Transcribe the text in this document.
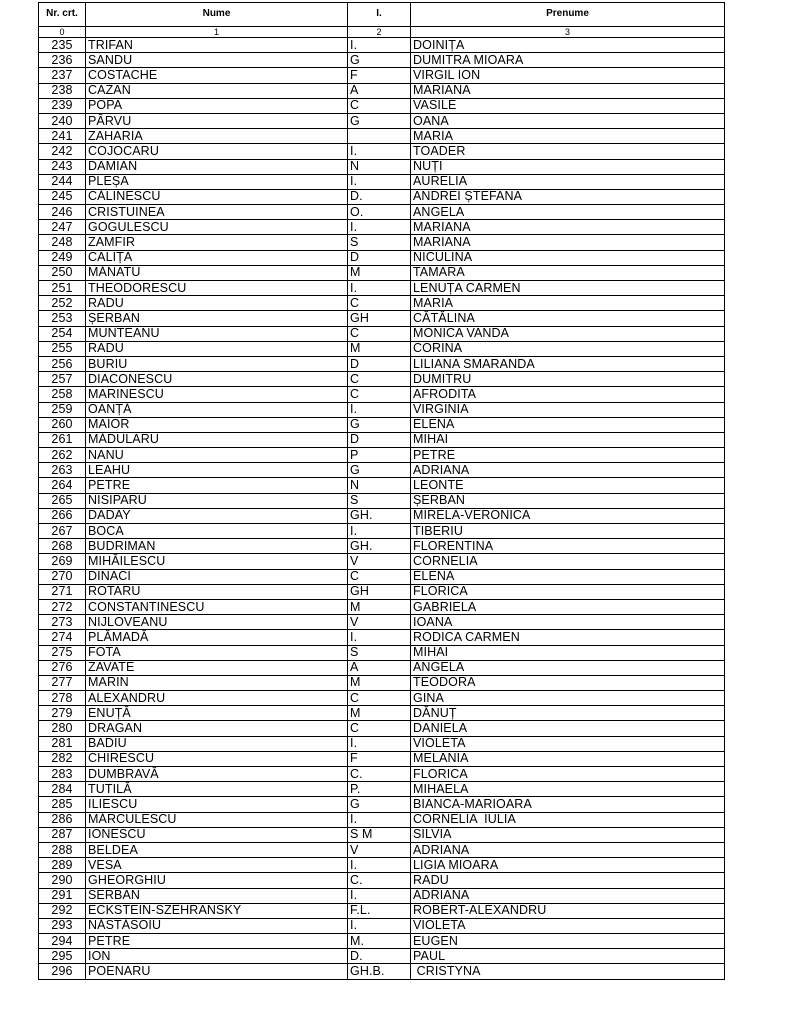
Nr. crt.	Nume	I.	Prenume
0	1	2	3
235	TRIFAN	I.	DOINIȚA
236	SANDU	G	DUMITRA MIOARA
237	COSTACHE	F	VIRGIL ION
238	CAZAN	A	MARIANA
239	POPA	C	VASILE
240	PÂRVU	G	OANA
241	ZAHARIA		MARIA
242	COJOCARU	I.	TOADER
243	DAMIAN	N	NUȚI
244	PLEȘA	I.	AURELIA
245	CĂLINESCU	D.	ANDREI ȘTEFANA
246	CRISTUINEA	O.	ANGELA
247	GOGULESCU	I.	MARIANA
248	ZAMFIR	S	MARIANA
249	CALIȚA	D	NICULINA
250	MĂNATU	M	TAMARA
251	THEODORESCU	I.	LENUȚA CARMEN
252	RADU	C	MARIA
253	ȘERBAN	GH	CĂTĂLINA
254	MUNTEANU	C	MONICA VANDA
255	RADU	M	CORINA
256	BURIU	D	LILIANA SMARANDA
257	DIACONESCU	C	DUMITRU
258	MARINESCU	C	AFRODITA
259	OANȚĂ	I.	VIRGINIA
260	MAIOR	G	ELENA
261	MĂDULARU	D	MIHAI
262	NANU	P	PETRE
263	LEAHU	G	ADRIANA
264	PETRE	N	LEONTE
265	NISIPARU	S	ȘERBAN
266	DADAY	GH.	MIRELA-VERONICA
267	BOCA	I.	TIBERIU
268	BUDRIMAN	GH.	FLORENTINA
269	MIHĂILESCU	V	CORNELIA
270	DINACI	C	ELENA
271	ROTARU	GH	FLORICA
272	CONSTANTINESCU	M	GABRIELA
273	NIJLOVEANU	V	IOANA
274	PLĂMADĂ	I.	RODICA CARMEN
275	FOTA	S	MIHAI
276	ZAVATE	A	ANGELA
277	MARIN	M	TEODORA
278	ALEXANDRU	C	GINA
279	ENUȚĂ	M	DĂNUȚ
280	DRAGAN	C	DANIELA
281	BADIU	I.	VIOLETA
282	CHIRESCU	F	MELANIA
283	DUMBRAVĂ	C.	FLORICA
284	TUTILĂ	P.	MIHAELA
285	ILIESCU	G	BIANCA-MARIOARA
286	MĂRCULESCU	I.	CORNELIA  IULIA
287	IONESCU	S M	SILVIA
288	BELDEA	V	ADRIANA
289	VESA	I.	LIGIA MIOARA
290	GHEORGHIU	C.	RADU
291	SERBAN	I.	ADRIANA
292	ECKSTEIN-SZEHRANSKY	F.L.	ROBERT-ALEXANDRU
293	NĂSTĂSOIU	I.	VIOLETA
294	PETRE	M.	EUGEN
295	ION	D.	PAUL
296	POENARU	GH.B.	CRISTYNA
